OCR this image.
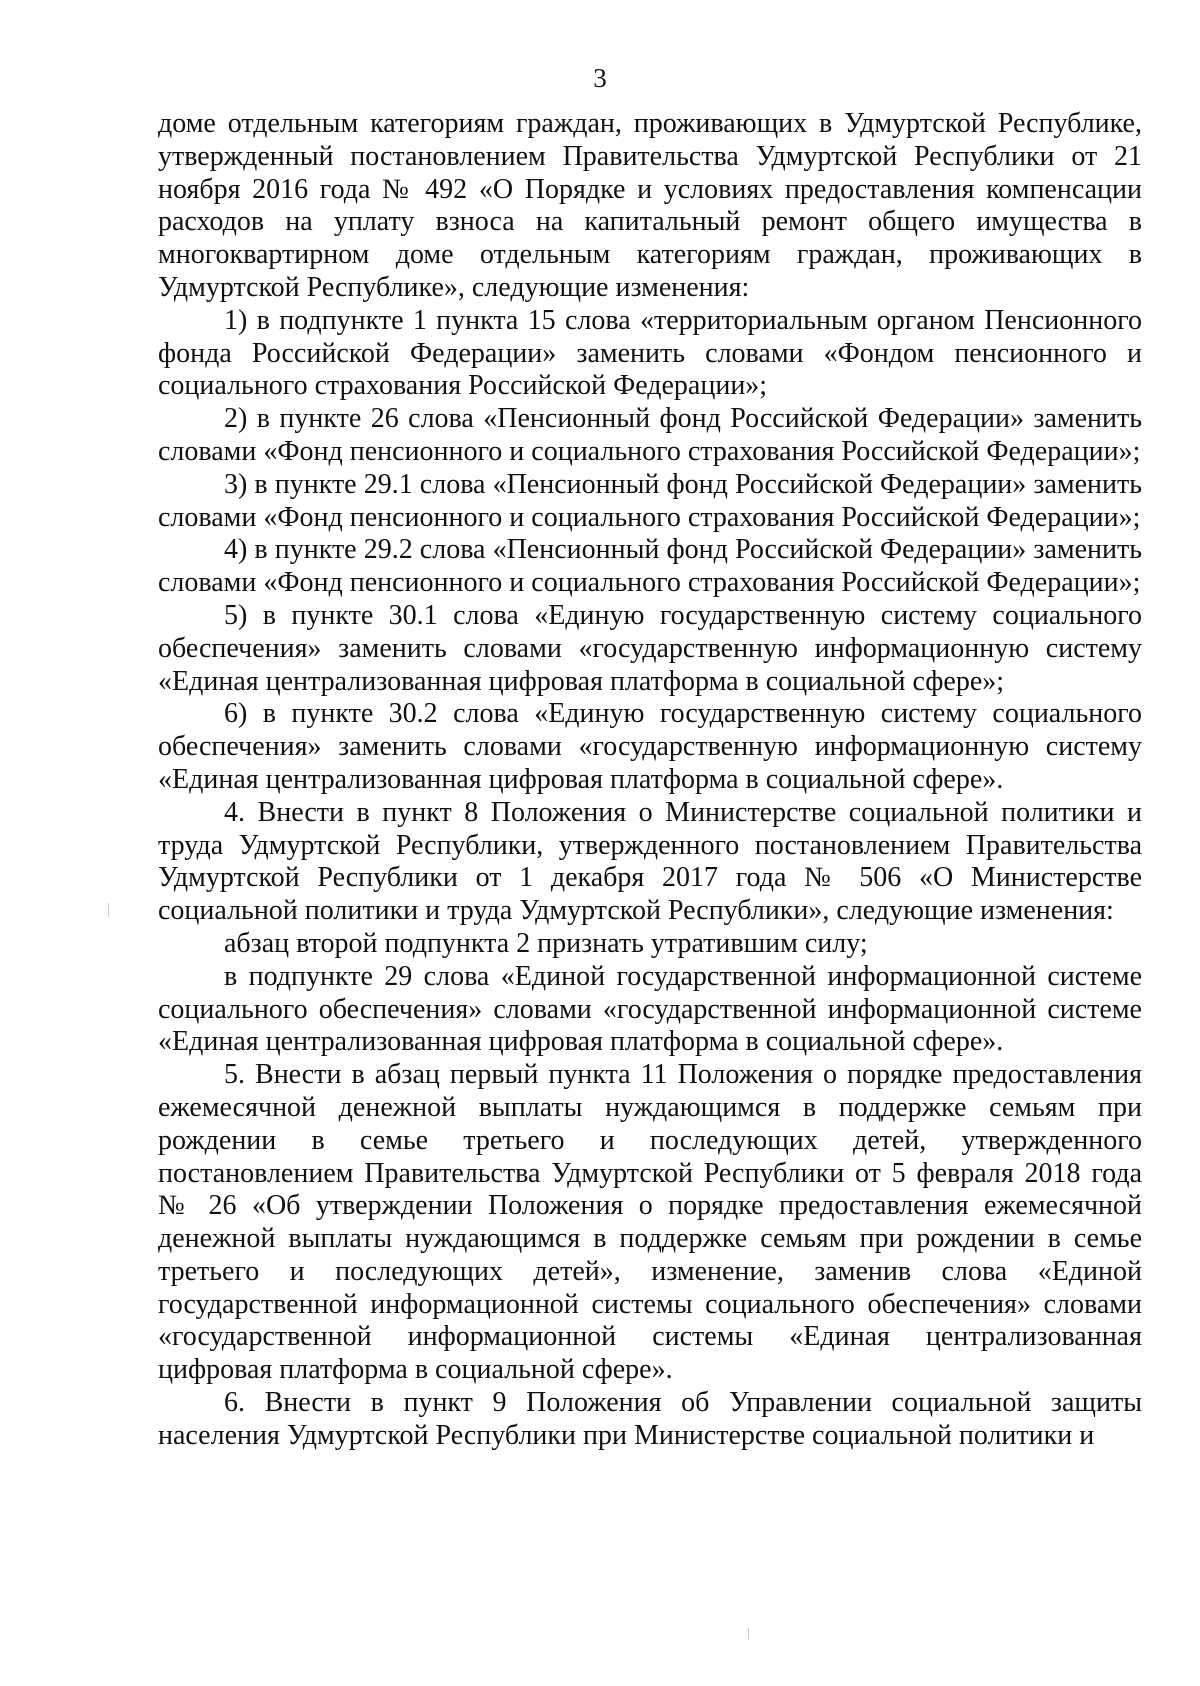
3

доме отдельным категориям граждан, проживающих в Удмуртской Республике, утвержденный постановлением Правительства Удмуртской Республики от 21 ноября 2016 года № 492 «О Порядке и условиях предоставления компенсации расходов на уплату взноса на капитальный ремонт общего имущества в многоквартирном доме отдельным категориям граждан, проживающих в Удмуртской Республике», следующие изменения:

1) в подпункте 1 пункта 15 слова «территориальным органом Пенсионного фонда Российской Федерации» заменить словами «Фондом пенсионного и социального страхования Российской Федерации»;

2) в пункте 26 слова «Пенсионный фонд Российской Федерации» заменить словами «Фонд пенсионного и социального страхования Российской Федерации»;

3) в пункте 29.1 слова «Пенсионный фонд Российской Федерации» заменить словами «Фонд пенсионного и социального страхования Российской Федерации»;

4) в пункте 29.2 слова «Пенсионный фонд Российской Федерации» заменить словами «Фонд пенсионного и социального страхования Российской Федерации»;

5) в пункте 30.1 слова «Единую государственную систему социального обеспечения» заменить словами «государственную информационную систему «Единая централизованная цифровая платформа в социальной сфере»;

6) в пункте 30.2 слова «Единую государственную систему социального обеспечения» заменить словами «государственную информационную систему «Единая централизованная цифровая платформа в социальной сфере».

4. Внести в пункт 8 Положения о Министерстве социальной политики и труда Удмуртской Республики, утвержденного постановлением Правительства Удмуртской Республики от 1 декабря 2017 года № 506 «О Министерстве социальной политики и труда Удмуртской Республики», следующие изменения:

абзац второй подпункта 2 признать утратившим силу;

в подпункте 29 слова «Единой государственной информационной системе социального обеспечения» словами «государственной информационной системе «Единая централизованная цифровая платформа в социальной сфере».

5. Внести в абзац первый пункта 11 Положения о порядке предоставления ежемесячной денежной выплаты нуждающимся в поддержке семьям при рождении в семье третьего и последующих детей, утвержденного постановлением Правительства Удмуртской Республики от 5 февраля 2018 года № 26 «Об утверждении Положения о порядке предоставления ежемесячной денежной выплаты нуждающимся в поддержке семьям при рождении в семье третьего и последующих детей», изменение, заменив слова «Единой государственной информационной системы социального обеспечения» словами «государственной информационной системы «Единая централизованная цифровая платформа в социальной сфере».

6. Внести в пункт 9 Положения об Управлении социальной защиты населения Удмуртской Республики при Министерстве социальной политики и
